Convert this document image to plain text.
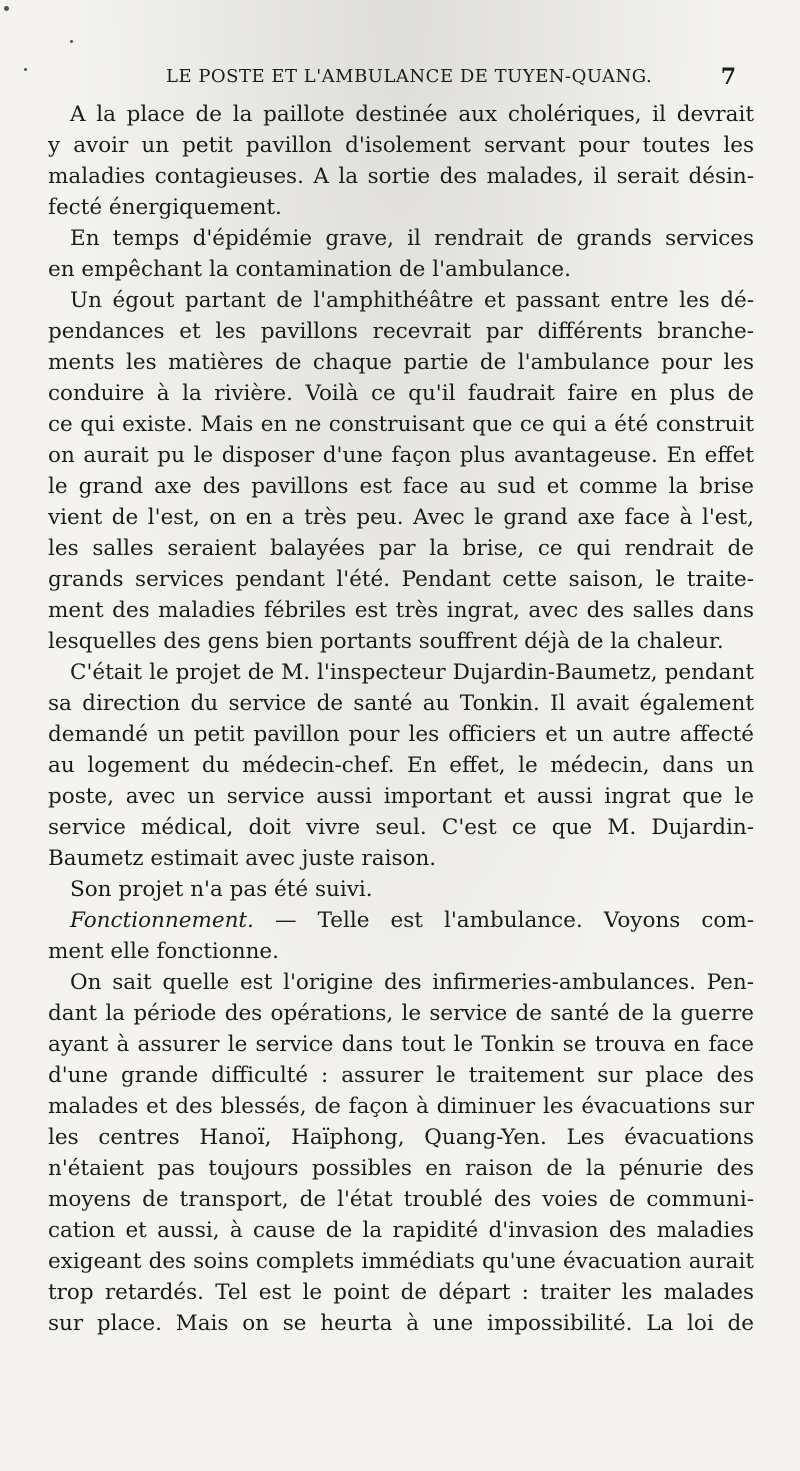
LE POSTE ET L'AMBULANCE DE TUYEN-QUANG.	7
A la place de la paillote destinée aux cholériques, il devrait
y avoir un petit pavillon d'isolement servant pour toutes les
maladies contagieuses. A la sortie des malades, il serait désin-
fecté énergiquement.
En temps d'épidémie grave, il rendrait de grands services
en empêchant la contamination de l'ambulance.
Un égout partant de l'amphithéâtre et passant entre les dé-
pendances et les pavillons recevrait par différents branche-
ments les matières de chaque partie de l'ambulance pour les
conduire à la rivière. Voilà ce qu'il faudrait faire en plus de
ce qui existe. Mais en ne construisant que ce qui a été construit
on aurait pu le disposer d'une façon plus avantageuse. En effet
le grand axe des pavillons est face au sud et comme la brise
vient de l'est, on en a très peu. Avec le grand axe face à l'est,
les salles seraient balayées par la brise, ce qui rendrait de
grands services pendant l'été. Pendant cette saison, le traite-
ment des maladies fébriles est très ingrat, avec des salles dans
lesquelles des gens bien portants souffrent déjà de la chaleur.
C'était le projet de M. l'inspecteur Dujardin-Baumetz, pendant
sa direction du service de santé au Tonkin. Il avait également
demandé un petit pavillon pour les officiers et un autre affecté
au logement du médecin-chef. En effet, le médecin, dans un
poste, avec un service aussi important et aussi ingrat que le
service médical, doit vivre seul. C'est ce que M. Dujardin-
Baumetz estimait avec juste raison.
Son projet n'a pas été suivi.
Fonctionnement. — Telle est l'ambulance. Voyons com-
ment elle fonctionne.
On sait quelle est l'origine des infirmeries-ambulances. Pen-
dant la période des opérations, le service de santé de la guerre
ayant à assurer le service dans tout le Tonkin se trouva en face
d'une grande difficulté : assurer le traitement sur place des
malades et des blessés, de façon à diminuer les évacuations sur
les centres Hanoï, Haïphong, Quang-Yen. Les évacuations
n'étaient pas toujours possibles en raison de la pénurie des
moyens de transport, de l'état troublé des voies de communi-
cation et aussi, à cause de la rapidité d'invasion des maladies
exigeant des soins complets immédiats qu'une évacuation aurait
trop retardés. Tel est le point de départ : traiter les malades
sur place. Mais on se heurta à une impossibilité. La loi de
